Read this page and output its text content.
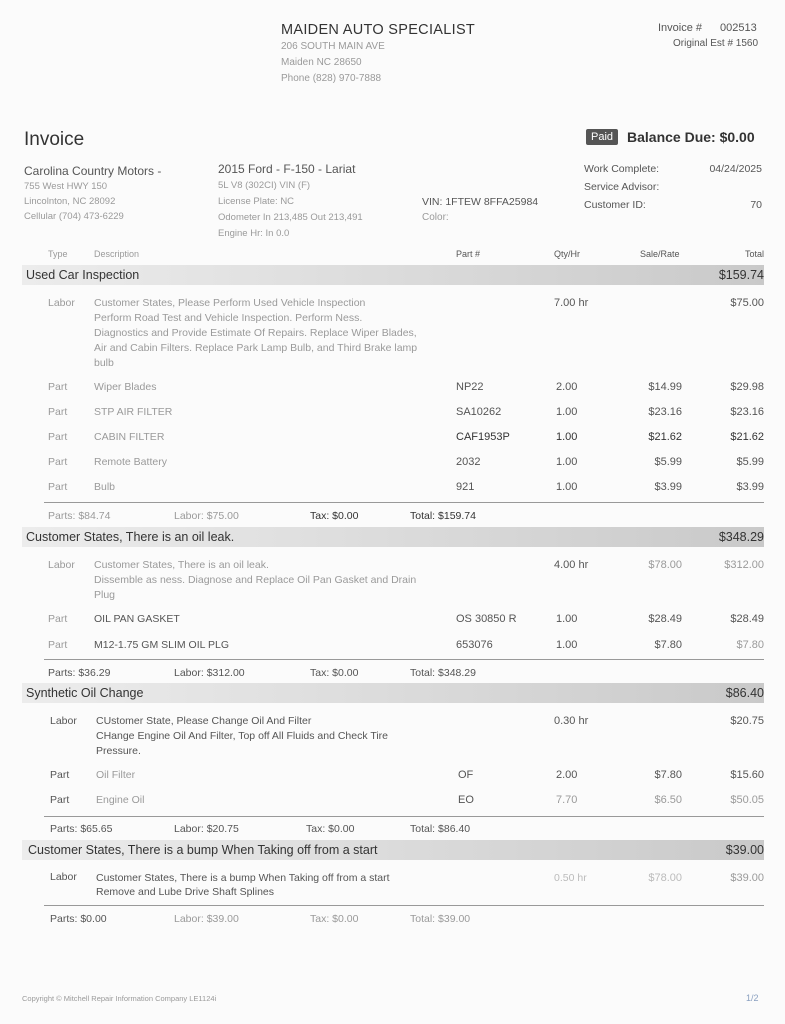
MAIDEN AUTO SPECIALIST
206 SOUTH MAIN AVE
Maiden NC 28650
Phone (828) 970-7888
Invoice # 002513
Original Est # 1560
Invoice	Paid Balance Due: $0.00
Carolina Country Motors -
755 West HWY 150
Lincolnton, NC 28092
Cellular (704) 473-6229
2015 Ford - F-150 - Lariat
5L V8 (302CI) VIN (F)
License Plate: NC
Odometer In 213,485 Out 213,491
Engine Hr: In 0.0
VIN: 1FTEW 8FFA25984
Color:
Work Complete:	04/24/2025
Service Advisor:
Customer ID:	70
Type	Description	Part #	Qty/Hr	Sale/Rate	Total
Used Car Inspection	$159.74
Labor Customer States, Please Perform Used Vehicle Inspection
Perform Road Test and Vehicle Inspection. Perform Ness.
Diagnostics and Provide Estimate Of Repairs. Replace Wiper Blades,
Air and Cabin Filters. Replace Park Lamp Bulb, and Third Brake lamp
bulb
7.00 hr	$75.00
Part	Wiper Blades	NP22	2.00	$14.99	$29.98
Part	STP AIR FILTER	SA10262	1.00	$23.16	$23.16
Part	CABIN FILTER	CAF1953P	1.00	$21.62	$21.62
Part	Remote Battery	2032	1.00	$5.99	$5.99
Part	Bulb	921	1.00	$3.99	$3.99
Parts: $84.74	Labor: $75.00	Tax: $0.00	Total: $159.74
Customer States, There is an oil leak.	$348.29
Labor Customer States, There is an oil leak.
Dissemble as ness. Diagnose and Replace Oil Pan Gasket and Drain
Plug
4.00 hr	$78.00	$312.00
Part	OIL PAN GASKET	OS 30850 R	1.00	$28.49	$28.49
Part	M12-1.75 GM SLIM OIL PLG	653076	1.00	$7.80	$7.80
Parts: $36.29	Labor: $312.00	Tax: $0.00	Total: $348.29
Synthetic Oil Change	$86.40
Labor CUstomer State, Please Change Oil And Filter
CHange Engine Oil And Filter, Top off All Fluids and Check Tire
Pressure.
0.30 hr	$20.75
Part	Oil Filter	OF	2.00	$7.80	$15.60
Part	Engine Oil	EO	7.70	$6.50	$50.05
Parts: $65.65	Labor: $20.75	Tax: $0.00	Total: $86.40
Customer States, There is a bump When Taking off from a start	$39.00
Labor Customer States, There is a bump When Taking off from a start
Remove and Lube Drive Shaft Splines
0.50 hr	$78.00	$39.00
Parts: $0.00	Labor: $39.00	Tax: $0.00	Total: $39.00
Copyright © Mitchell Repair Information Company LE1124i	1/2
